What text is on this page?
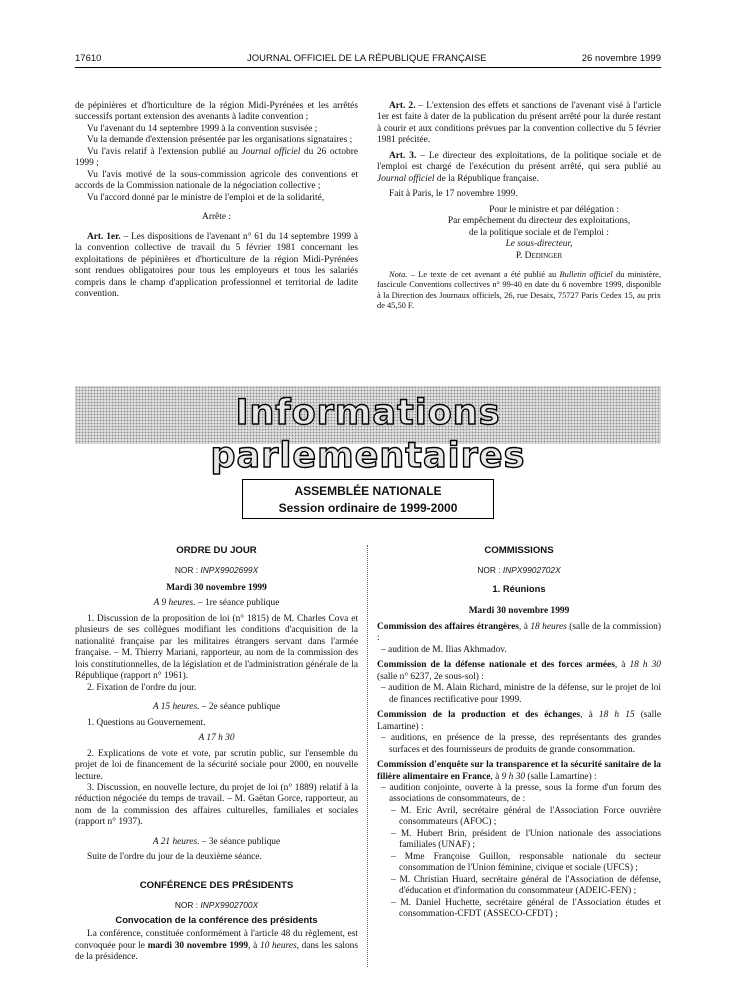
17610	JOURNAL OFFICIEL DE LA RÉPUBLIQUE FRANÇAISE	26 novembre 1999

de pépinières et d'horticulture de la région Midi-Pyrénées et les arrêtés successifs portant extension des avenants à ladite convention ;

Vu l'avenant du 14 septembre 1999 à la convention susvisée ;

Vu la demande d'extension présentée par les organisations signataires ;

Vu l'avis relatif à l'extension publié au Journal officiel du 26 octobre 1999 ;

Vu l'avis motivé de la sous-commission agricole des conventions et accords de la Commission nationale de la négociation collective ;

Vu l'accord donné par le ministre de l'emploi et de la solidarité,

Arrête :

Art. 1er. – Les dispositions de l'avenant n° 61 du 14 septembre 1999 à la convention collective de travail du 5 février 1981 concernant les exploitations de pépinières et d'horticulture de la région Midi-Pyrénées sont rendues obligatoires pour tous les employeurs et tous les salariés compris dans le champ d'application professionnel et territorial de ladite convention.

Art. 2. – L'extension des effets et sanctions de l'avenant visé à l'article 1er est faite à dater de la publication du présent arrêté pour la durée restant à courir et aux conditions prévues par la convention collective du 5 février 1981 précitée.

Art. 3. – Le directeur des exploitations, de la politique sociale et de l'emploi est chargé de l'exécution du présent arrêté, qui sera publié au Journal officiel de la République française.

Fait à Paris, le 17 novembre 1999.

Pour le ministre et par délégation :

Par empêchement du directeur des exploitations,

de la politique sociale et de l'emploi :

Le sous-directeur,

P. Dedinger

Nota. – Le texte de cet avenant a été publié au Bulletin officiel du ministère, fascicule Conventions collectives n° 99-40 en date du 6 novembre 1999, disponible à la Direction des Journaux officiels, 26, rue Desaix, 75727 Paris Cedex 15, au prix de 45,50 F.

Informations parlementaires
ASSEMBLÉE NATIONALE
Session ordinaire de 1999-2000

ORDRE DU JOUR

NOR : INPX9902699X

Mardi 30 novembre 1999

A 9 heures. – 1re séance publique

1. Discussion de la proposition de loi (n° 1815) de M. Charles Cova et plusieurs de ses collègues modifiant les conditions d'acquisition de la nationalité française par les militaires étrangers servant dans l'armée française. – M. Thierry Mariani, rapporteur, au nom de la commission des lois constitutionnelles, de la législation et de l'administration générale de la République (rapport n° 1961).

2. Fixation de l'ordre du jour.

A 15 heures. – 2e séance publique

1. Questions au Gouvernement.

A 17 h 30

2. Explications de vote et vote, par scrutin public, sur l'ensemble du projet de loi de financement de la sécurité sociale pour 2000, en nouvelle lecture.

3. Discussion, en nouvelle lecture, du projet de loi (n° 1889) relatif à la réduction négociée du temps de travail. – M. Gaëtan Gorce, rapporteur, au nom de la commission des affaires culturelles, familiales et sociales (rapport n° 1937).

A 21 heures. – 3e séance publique

Suite de l'ordre du jour de la deuxième séance.

CONFÉRENCE DES PRÉSIDENTS

NOR : INPX9902700X

Convocation de la conférence des présidents

La conférence, constituée conformément à l'article 48 du règlement, est convoquée pour le mardi 30 novembre 1999, à 10 heures, dans les salons de la présidence.

COMMISSIONS

NOR : INPX9902702X

1. Réunions

Mardi 30 novembre 1999

Commission des affaires étrangères, à 18 heures (salle de la commission) :

– audition de M. Ilias Akhmadov.

Commission de la défense nationale et des forces armées, à 18 h 30 (salle n° 6237, 2e sous-sol) :

– audition de M. Alain Richard, ministre de la défense, sur le projet de loi de finances rectificative pour 1999.

Commission de la production et des échanges, à 18 h 15 (salle Lamartine) :

– auditions, en présence de la presse, des représentants des grandes surfaces et des fournisseurs de produits de grande consommation.

Commission d'enquête sur la transparence et la sécurité sanitaire de la filière alimentaire en France, à 9 h 30 (salle Lamartine) :

– audition conjointe, ouverte à la presse, sous la forme d'un forum des associations de consommateurs, de :

– M. Eric Avril, secrétaire général de l'Association Force ouvrière consommateurs (AFOC) ;

– M. Hubert Brin, président de l'Union nationale des associations familiales (UNAF) ;

– Mme Françoise Guillon, responsable nationale du secteur consommation de l'Union féminine, civique et sociale (UFCS) ;

– M. Christian Huard, secrétaire général de l'Association de défense, d'éducation et d'information du consommateur (ADEIC-FEN) ;

– M. Daniel Huchette, secrétaire général de l'Association études et consommation-CFDT (ASSECO-CFDT) ;
